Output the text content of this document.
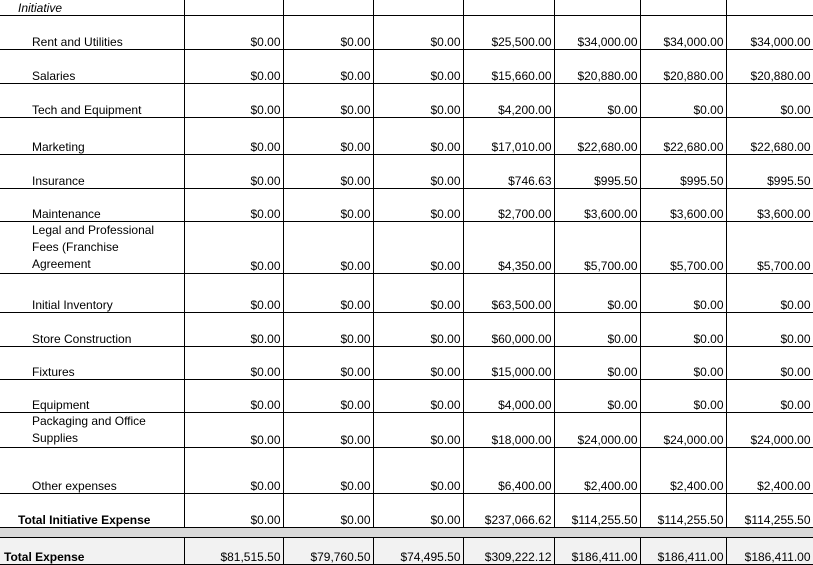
Initiative							
Rent and Utilities	$0.00	$0.00	$0.00	$25,500.00	$34,000.00	$34,000.00	$34,000.00
Salaries	$0.00	$0.00	$0.00	$15,660.00	$20,880.00	$20,880.00	$20,880.00
Tech and Equipment	$0.00	$0.00	$0.00	$4,200.00	$0.00	$0.00	$0.00
Marketing	$0.00	$0.00	$0.00	$17,010.00	$22,680.00	$22,680.00	$22,680.00
Insurance	$0.00	$0.00	$0.00	$746.63	$995.50	$995.50	$995.50
Maintenance	$0.00	$0.00	$0.00	$2,700.00	$3,600.00	$3,600.00	$3,600.00
Legal and Professional Fees (Franchise Agreement	$0.00	$0.00	$0.00	$4,350.00	$5,700.00	$5,700.00	$5,700.00
Initial Inventory	$0.00	$0.00	$0.00	$63,500.00	$0.00	$0.00	$0.00
Store Construction	$0.00	$0.00	$0.00	$60,000.00	$0.00	$0.00	$0.00
Fixtures	$0.00	$0.00	$0.00	$15,000.00	$0.00	$0.00	$0.00
Equipment	$0.00	$0.00	$0.00	$4,000.00	$0.00	$0.00	$0.00
Packaging and Office Supplies	$0.00	$0.00	$0.00	$18,000.00	$24,000.00	$24,000.00	$24,000.00
Other expenses	$0.00	$0.00	$0.00	$6,400.00	$2,400.00	$2,400.00	$2,400.00
Total Initiative Expense	$0.00	$0.00	$0.00	$237,066.62	$114,255.50	$114,255.50	$114,255.50

Total Expense	$81,515.50	$79,760.50	$74,495.50	$309,222.12	$186,411.00	$186,411.00	$186,411.00
